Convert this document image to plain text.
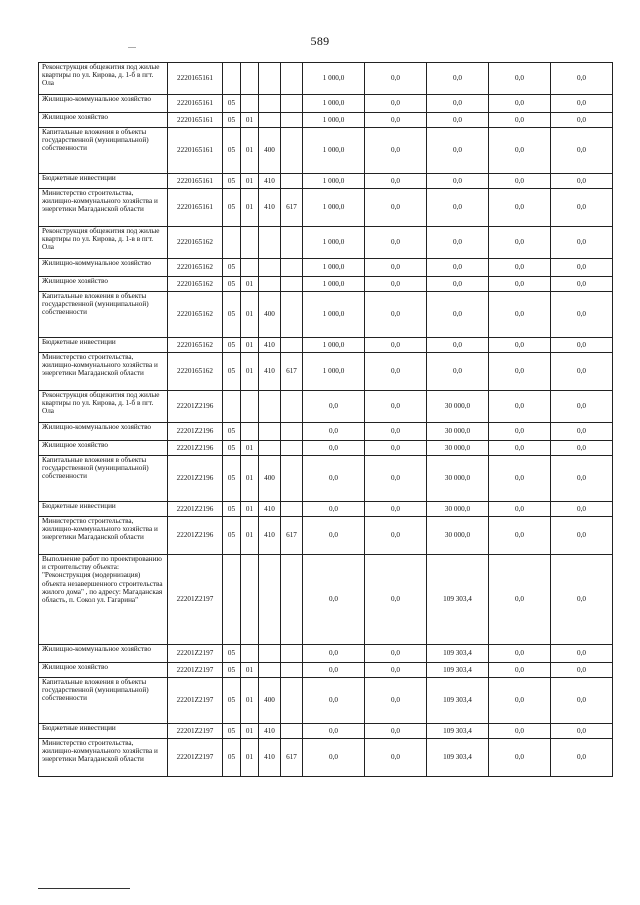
589
Реконструкция общежития под жилые квартиры по ул. Кирова, д. 1-б в пгт. Ола	2220165161					1 000,0	0,0	0,0	0,0	0,0
Жилищно-коммунальное хозяйство	2220165161	05				1 000,0	0,0	0,0	0,0	0,0
Жилищное хозяйство	2220165161	05	01			1 000,0	0,0	0,0	0,0	0,0
Капитальные вложения в объекты государственной (муниципальной) собственности	2220165161	05	01	400		1 000,0	0,0	0,0	0,0	0,0
Бюджетные инвестиции	2220165161	05	01	410		1 000,0	0,0	0,0	0,0	0,0
Министерство строительства, жилищно-коммунального хозяйства и энергетики Магаданской области	2220165161	05	01	410	617	1 000,0	0,0	0,0	0,0	0,0
Реконструкция общежития под жилые квартиры по ул. Кирова, д. 1-в в пгт. Ола	2220165162					1 000,0	0,0	0,0	0,0	0,0
Жилищно-коммунальное хозяйство	2220165162	05				1 000,0	0,0	0,0	0,0	0,0
Жилищное хозяйство	2220165162	05	01			1 000,0	0,0	0,0	0,0	0,0
Капитальные вложения в объекты государственной (муниципальной) собственности	2220165162	05	01	400		1 000,0	0,0	0,0	0,0	0,0
Бюджетные инвестиции	2220165162	05	01	410		1 000,0	0,0	0,0	0,0	0,0
Министерство строительства, жилищно-коммунального хозяйства и энергетики Магаданской области	2220165162	05	01	410	617	1 000,0	0,0	0,0	0,0	0,0
Реконструкция общежития под жилые квартиры по ул. Кирова, д. 1-б в пгт. Ола	22201Z2196					0,0	0,0	30 000,0	0,0	0,0
Жилищно-коммунальное хозяйство	22201Z2196	05				0,0	0,0	30 000,0	0,0	0,0
Жилищное хозяйство	22201Z2196	05	01			0,0	0,0	30 000,0	0,0	0,0
Капитальные вложения в объекты государственной (муниципальной) собственности	22201Z2196	05	01	400		0,0	0,0	30 000,0	0,0	0,0
Бюджетные инвестиции	22201Z2196	05	01	410		0,0	0,0	30 000,0	0,0	0,0
Министерство строительства, жилищно-коммунального хозяйства и энергетики Магаданской области	22201Z2196	05	01	410	617	0,0	0,0	30 000,0	0,0	0,0
Выполнение работ по проектированию и строительству объекта: "Реконструкция (модернизация) объекта незавершенного строительства жилого дома" , по адресу: Магаданская область, п. Сокол ул. Гагарина"	22201Z2197					0,0	0,0	109 303,4	0,0	0,0
Жилищно-коммунальное хозяйство	22201Z2197	05				0,0	0,0	109 303,4	0,0	0,0
Жилищное хозяйство	22201Z2197	05	01			0,0	0,0	109 303,4	0,0	0,0
Капитальные вложения в объекты государственной (муниципальной) собственности	22201Z2197	05	01	400		0,0	0,0	109 303,4	0,0	0,0
Бюджетные инвестиции	22201Z2197	05	01	410		0,0	0,0	109 303,4	0,0	0,0
Министерство строительства, жилищно-коммунального хозяйства и энергетики Магаданской области	22201Z2197	05	01	410	617	0,0	0,0	109 303,4	0,0	0,0
